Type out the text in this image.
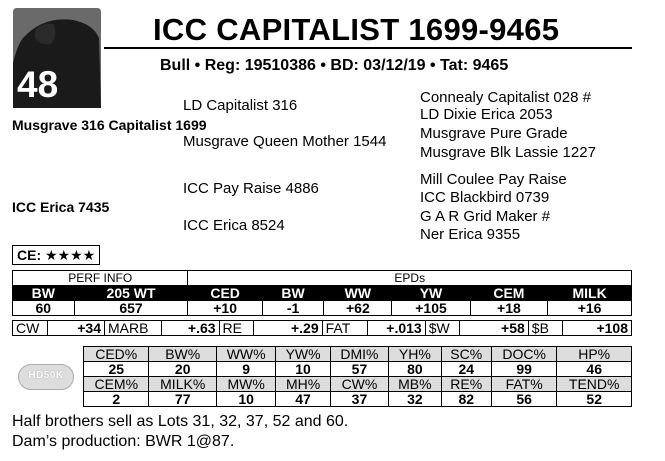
48
ICC CAPITALIST 1699-9465
Bull • Reg: 19510386 • BD: 03/12/19 • Tat: 9465
LD Capitalist 316
Musgrave 316 Capitalist 1699
Musgrave Queen Mother 1544
Connealy Capitalist 028 #
LD Dixie Erica 2053
Musgrave Pure Grade
Musgrave Blk Lassie 1227
ICC Pay Raise 4886
ICC Erica 7435
ICC Erica 8524
Mill Coulee Pay Raise
ICC Blackbird 0739
G A R Grid Maker #
Ner Erica 9355
CE: ★★★★
PERF INFO		EPDs					
BW	205 WT	CED	BW	WW	YW	CEM	MILK
60	657	+10	-1	+62	+105	+18	+16
CW	+34	MARB	+.63	RE	+.29	FAT	+.013	$W	+58	$B	+108
HD50K
CED%	BW%	WW%	YW%	DMI%	YH%	SC%	DOC%	HP%
25	20	9	10	57	80	24	99	46
CEM%	MILK%	MW%	MH%	CW%	MB%	RE%	FAT%	TEND%
2	77	10	47	37	32	82	56	52
Half brothers sell as Lots 31, 32, 37, 52 and 60.
Dam’s production: BWR 1@87.
